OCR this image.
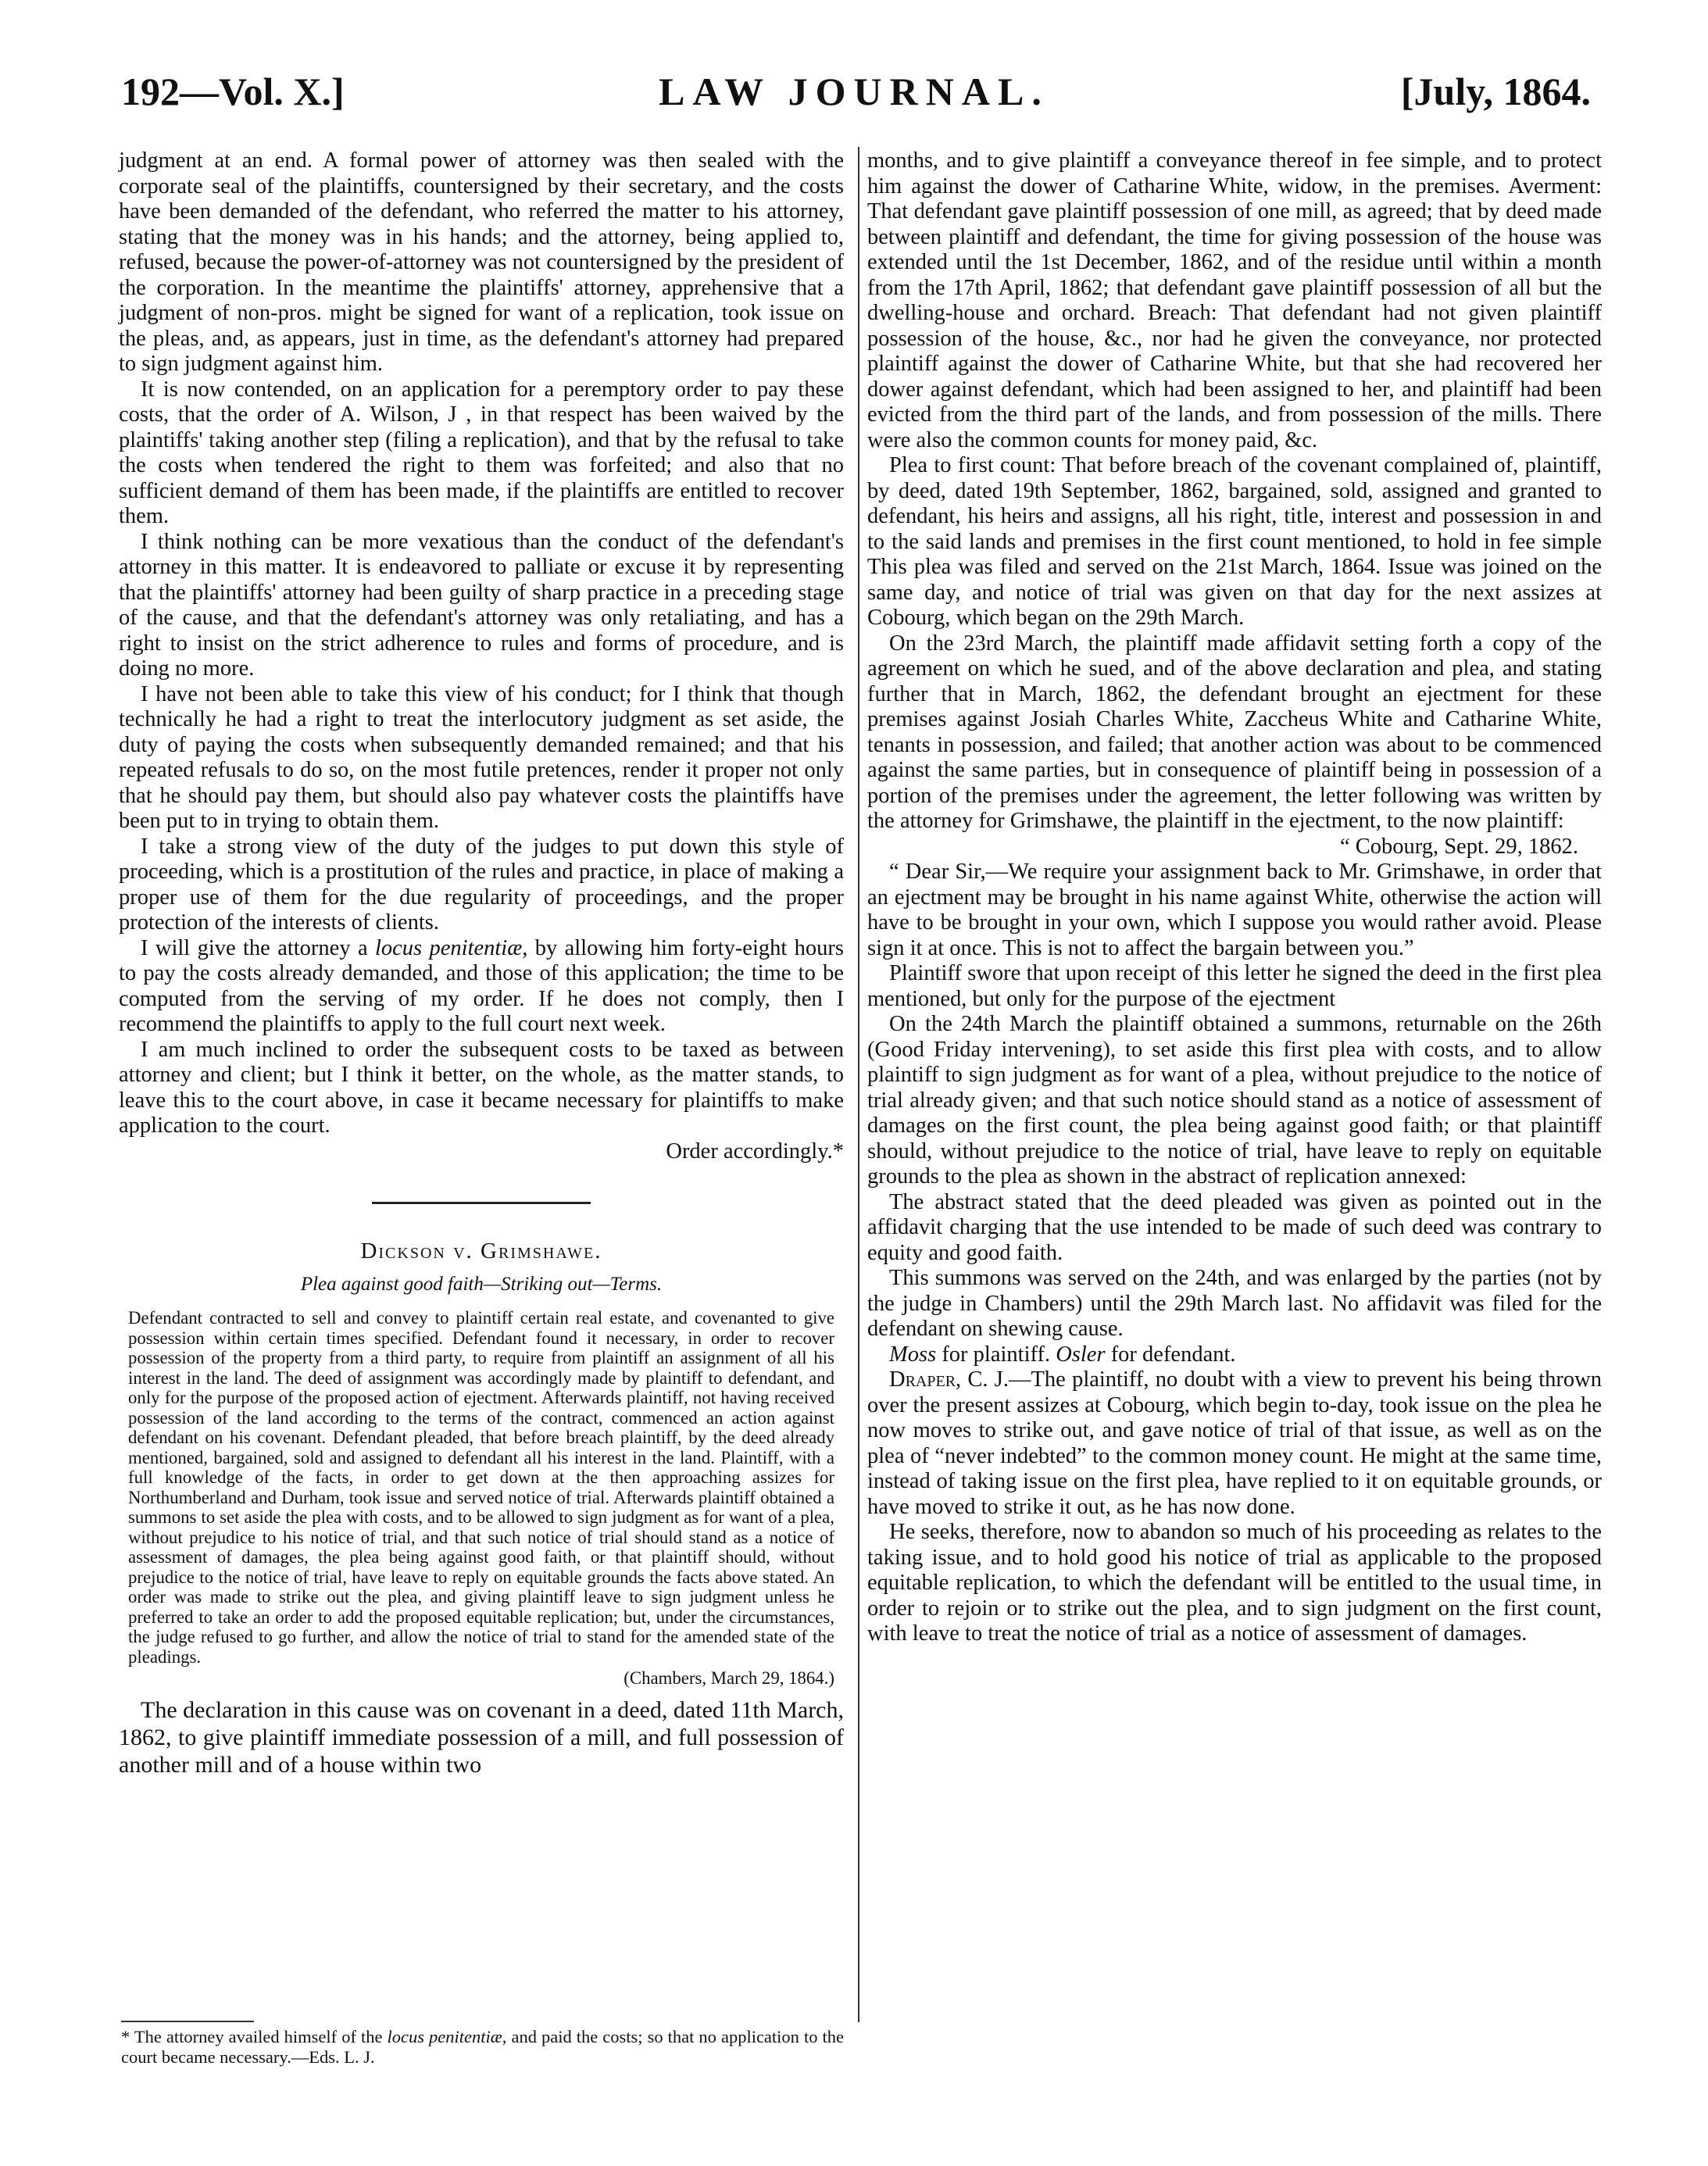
192—Vol. X.]	LAW JOURNAL.	[July, 1864.

judgment at an end. A formal power of attorney was then sealed with the corporate seal of the plaintiffs, countersigned by their secretary, and the costs have been demanded of the defendant, who referred the matter to his attorney, stating that the money was in his hands; and the attorney, being applied to, refused, because the power-of-attorney was not countersigned by the president of the corporation. In the meantime the plaintiffs' attorney, apprehensive that a judgment of non-pros. might be signed for want of a replication, took issue on the pleas, and, as appears, just in time, as the defendant's attorney had prepared to sign judgment against him.

It is now contended, on an application for a peremptory order to pay these costs, that the order of A. Wilson, J , in that respect has been waived by the plaintiffs' taking another step (filing a replication), and that by the refusal to take the costs when tendered the right to them was forfeited; and also that no sufficient demand of them has been made, if the plaintiffs are entitled to recover them.

I think nothing can be more vexatious than the conduct of the defendant's attorney in this matter. It is endeavored to palliate or excuse it by representing that the plaintiffs' attorney had been guilty of sharp practice in a preceding stage of the cause, and that the defendant's attorney was only retaliating, and has a right to insist on the strict adherence to rules and forms of procedure, and is doing no more.

I have not been able to take this view of his conduct; for I think that though technically he had a right to treat the interlocutory judgment as set aside, the duty of paying the costs when subsequently demanded remained; and that his repeated refusals to do so, on the most futile pretences, render it proper not only that he should pay them, but should also pay whatever costs the plaintiffs have been put to in trying to obtain them.

I take a strong view of the duty of the judges to put down this style of proceeding, which is a prostitution of the rules and practice, in place of making a proper use of them for the due regularity of proceedings, and the proper protection of the interests of clients.

I will give the attorney a locus penitentiæ, by allowing him forty-eight hours to pay the costs already demanded, and those of this application; the time to be computed from the serving of my order. If he does not comply, then I recommend the plaintiffs to apply to the full court next week.

I am much inclined to order the subsequent costs to be taxed as between attorney and client; but I think it better, on the whole, as the matter stands, to leave this to the court above, in case it became necessary for plaintiffs to make application to the court.

Order accordingly.*

Dickson v. Grimshawe.
Plea against good faith—Striking out—Terms.
Defendant contracted to sell and convey to plaintiff certain real estate, and covenanted to give possession within certain times specified. Defendant found it necessary, in order to recover possession of the property from a third party, to require from plaintiff an assignment of all his interest in the land. The deed of assignment was accordingly made by plaintiff to defendant, and only for the purpose of the proposed action of ejectment. Afterwards plaintiff, not having received possession of the land according to the terms of the contract, commenced an action against defendant on his covenant. Defendant pleaded, that before breach plaintiff, by the deed already mentioned, bargained, sold and assigned to defendant all his interest in the land. Plaintiff, with a full knowledge of the facts, in order to get down at the then approaching assizes for Northumberland and Durham, took issue and served notice of trial. Afterwards plaintiff obtained a summons to set aside the plea with costs, and to be allowed to sign judgment as for want of a plea, without prejudice to his notice of trial, and that such notice of trial should stand as a notice of assessment of damages, the plea being against good faith, or that plaintiff should, without prejudice to the notice of trial, have leave to reply on equitable grounds the facts above stated. An order was made to strike out the plea, and giving plaintiff leave to sign judgment unless he preferred to take an order to add the proposed equitable replication; but, under the circumstances, the judge refused to go further, and allow the notice of trial to stand for the amended state of the pleadings.
(Chambers, March 29, 1864.)

The declaration in this cause was on covenant in a deed, dated 11th March, 1862, to give plaintiff immediate possession of a mill, and full possession of another mill and of a house within two

* The attorney availed himself of the locus penitentiæ, and paid the costs; so that no application to the court became necessary.—Eds. L. J.

months, and to give plaintiff a conveyance thereof in fee simple, and to protect him against the dower of Catharine White, widow, in the premises. Averment: That defendant gave plaintiff possession of one mill, as agreed; that by deed made between plaintiff and defendant, the time for giving possession of the house was extended until the 1st December, 1862, and of the residue until within a month from the 17th April, 1862; that defendant gave plaintiff possession of all but the dwelling-house and orchard. Breach: That defendant had not given plaintiff possession of the house, &c., nor had he given the conveyance, nor protected plaintiff against the dower of Catharine White, but that she had recovered her dower against defendant, which had been assigned to her, and plaintiff had been evicted from the third part of the lands, and from possession of the mills. There were also the common counts for money paid, &c.

Plea to first count: That before breach of the covenant complained of, plaintiff, by deed, dated 19th September, 1862, bargained, sold, assigned and granted to defendant, his heirs and assigns, all his right, title, interest and possession in and to the said lands and premises in the first count mentioned, to hold in fee simple This plea was filed and served on the 21st March, 1864. Issue was joined on the same day, and notice of trial was given on that day for the next assizes at Cobourg, which began on the 29th March.

On the 23rd March, the plaintiff made affidavit setting forth a copy of the agreement on which he sued, and of the above declaration and plea, and stating further that in March, 1862, the defendant brought an ejectment for these premises against Josiah Charles White, Zaccheus White and Catharine White, tenants in possession, and failed; that another action was about to be commenced against the same parties, but in consequence of plaintiff being in possession of a portion of the premises under the agreement, the letter following was written by the attorney for Grimshawe, the plaintiff in the ejectment, to the now plaintiff:

“ Cobourg, Sept. 29, 1862.

“ Dear Sir,—We require your assignment back to Mr. Grimshawe, in order that an ejectment may be brought in his name against White, otherwise the action will have to be brought in your own, which I suppose you would rather avoid. Please sign it at once. This is not to affect the bargain between you.”

Plaintiff swore that upon receipt of this letter he signed the deed in the first plea mentioned, but only for the purpose of the ejectment

On the 24th March the plaintiff obtained a summons, returnable on the 26th (Good Friday intervening), to set aside this first plea with costs, and to allow plaintiff to sign judgment as for want of a plea, without prejudice to the notice of trial already given; and that such notice should stand as a notice of assessment of damages on the first count, the plea being against good faith; or that plaintiff should, without prejudice to the notice of trial, have leave to reply on equitable grounds to the plea as shown in the abstract of replication annexed:

The abstract stated that the deed pleaded was given as pointed out in the affidavit charging that the use intended to be made of such deed was contrary to equity and good faith.

This summons was served on the 24th, and was enlarged by the parties (not by the judge in Chambers) until the 29th March last. No affidavit was filed for the defendant on shewing cause.

Moss for plaintiff. Osler for defendant.

Draper, C. J.—The plaintiff, no doubt with a view to prevent his being thrown over the present assizes at Cobourg, which begin to-day, took issue on the plea he now moves to strike out, and gave notice of trial of that issue, as well as on the plea of “never indebted” to the common money count. He might at the same time, instead of taking issue on the first plea, have replied to it on equitable grounds, or have moved to strike it out, as he has now done.

He seeks, therefore, now to abandon so much of his proceeding as relates to the taking issue, and to hold good his notice of trial as applicable to the proposed equitable replication, to which the defendant will be entitled to the usual time, in order to rejoin or to strike out the plea, and to sign judgment on the first count, with leave to treat the notice of trial as a notice of assessment of damages.
